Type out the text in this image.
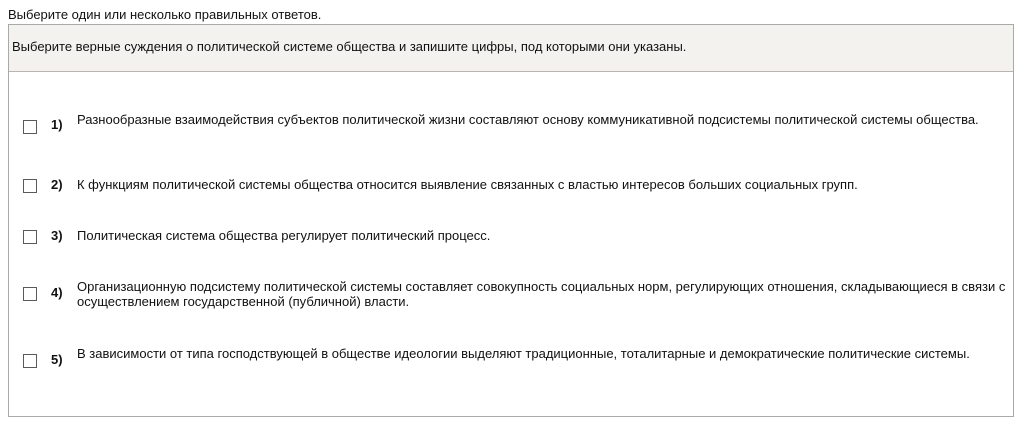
Выберите один или несколько правильных ответов.
Выберите верные суждения о политической системе общества и запишите цифры, под которыми они указаны.
1)	Разнообразные взаимодействия субъектов политической жизни составляют основу коммуникативной подсистемы политической системы общества.
2)	К функциям политической системы общества относится выявление связанных с властью интересов больших социальных групп.
3)	Политическая система общества регулирует политический процесс.
4)	Организационную подсистему политической системы составляет совокупность социальных норм, регулирующих отношения, складывающиеся в связи с осуществлением государственной (публичной) власти.
5)	В зависимости от типа господствующей в обществе идеологии выделяют традиционные, тоталитарные и демократические политические системы.
